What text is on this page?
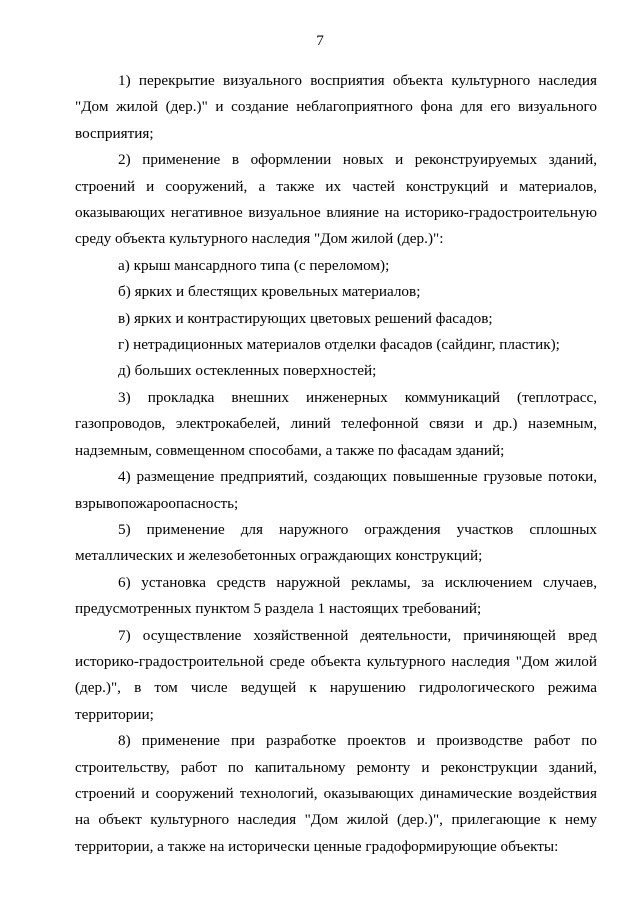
7

1) перекрытие визуального восприятия объекта культурного наследия "Дом жилой (дер.)" и создание неблагоприятного фона для его визуального восприятия;

2) применение в оформлении новых и реконструируемых зданий, строений и сооружений, а также их частей конструкций и материалов, оказывающих негативное визуальное влияние на историко-градостроительную среду объекта культурного наследия "Дом жилой (дер.)":

а) крыш мансардного типа (с переломом);

б) ярких и блестящих кровельных материалов;

в) ярких и контрастирующих цветовых решений фасадов;

г) нетрадиционных материалов отделки фасадов (сайдинг, пластик);

д) больших остекленных поверхностей;

3) прокладка внешних инженерных коммуникаций (теплотрасс, газопроводов, электрокабелей, линий телефонной связи и др.) наземным, надземным, совмещенном способами, а также по фасадам зданий;

4) размещение предприятий, создающих повышенные грузовые потоки, взрывопожароопасность;

5) применение для наружного ограждения участков сплошных металлических и железобетонных ограждающих конструкций;

6) установка средств наружной рекламы, за исключением случаев, предусмотренных пунктом 5 раздела 1 настоящих требований;

7) осуществление хозяйственной деятельности, причиняющей вред историко-градостроительной среде объекта культурного наследия "Дом жилой (дер.)", в том числе ведущей к нарушению гидрологического режима территории;

8) применение при разработке проектов и производстве работ по строительству, работ по капитальному ремонту и реконструкции зданий, строений и сооружений технологий, оказывающих динамические воздействия на объект культурного наследия "Дом жилой (дер.)", прилегающие к нему территории, а также на исторически ценные градоформирующие объекты:
